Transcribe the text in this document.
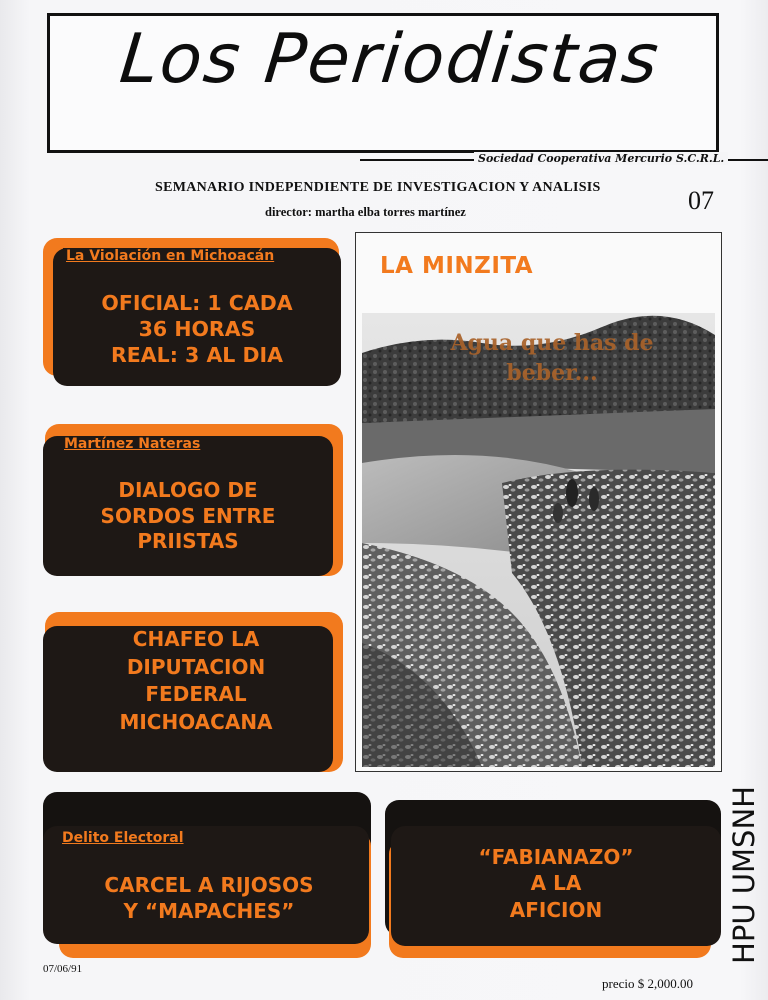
Los Periodistas
Sociedad Cooperativa Mercurio S.C.R.L.
SEMANARIO INDEPENDIENTE DE INVESTIGACION Y ANALISIS
director: martha elba torres martínez	07
La Violación en Michoacán
OFICIAL: 1 CADA
36 HORAS
REAL: 3 AL DIA
Martínez Nateras
DIALOGO DE
SORDOS ENTRE
PRIISTAS
CHAFEO LA
DIPUTACION
FEDERAL
MICHOACANA
Delito Electoral
CARCEL A RIJOSOS
Y “MAPACHES”
“FABIANAZO”
A LA
AFICION
LA MINZITA
Agua que has de
beber...
07/06/91
precio $ 2,000.00
HPU UMSNH
